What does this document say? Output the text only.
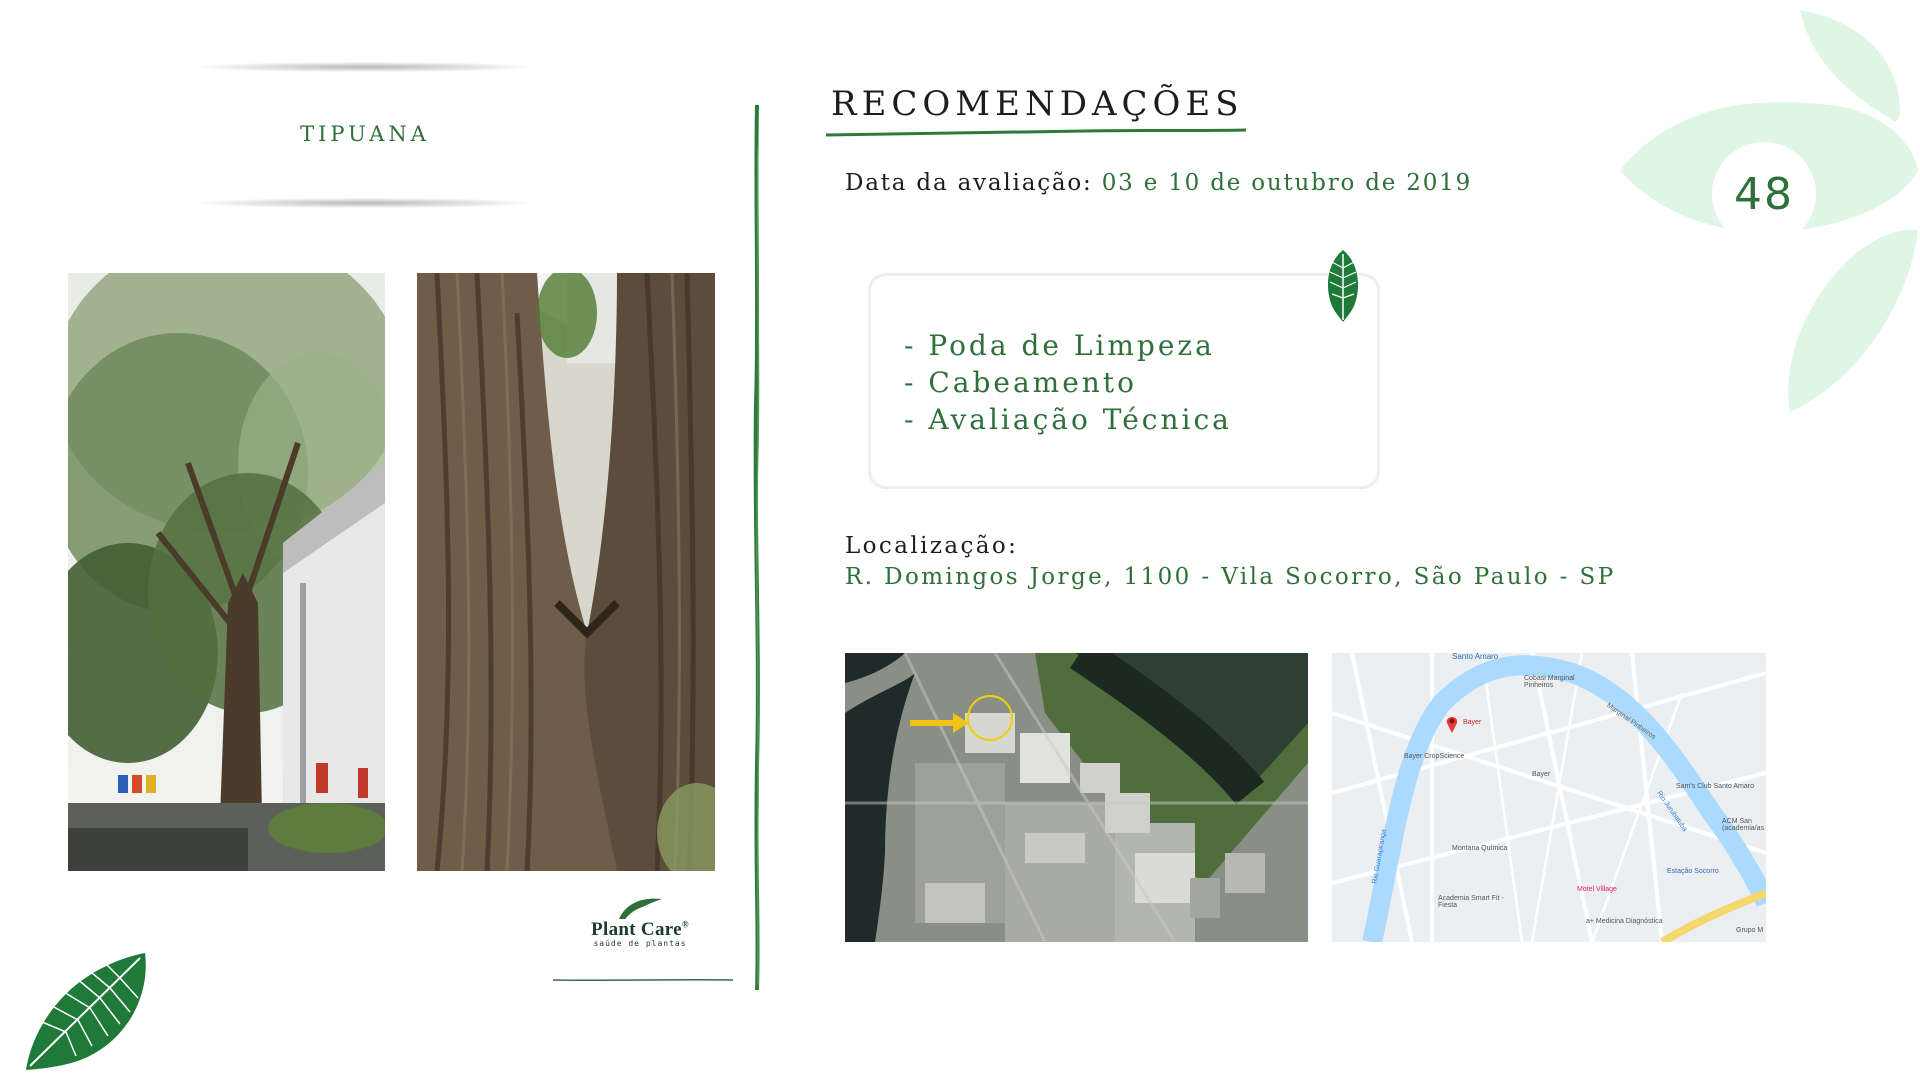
48
TIPUANA
RECOMENDAÇÕES
Data da avaliação: 03 e 10 de outubro de 2019
- Poda de Limpeza
- Cabeamento
- Avaliação Técnica
Localização:
R. Domingos Jorge, 1100 - Vila Socorro, São Paulo - SP
Santo Amaro
Cobasi Marginal Pinheiros
Bayer
Bayer CropScience
Bayer
Montana Química
Academia Smart Fit - Fiesta
Motel Village
a+ Medicina Diagnóstica
Estação Socorro
Sam's Club Santo Amaro
ACM San (academia/as
Rio Jurubatuba
Rio Guarapiranga
Marginal Pinheiros
Grupo M
Plant Care®
saúde de plantas
